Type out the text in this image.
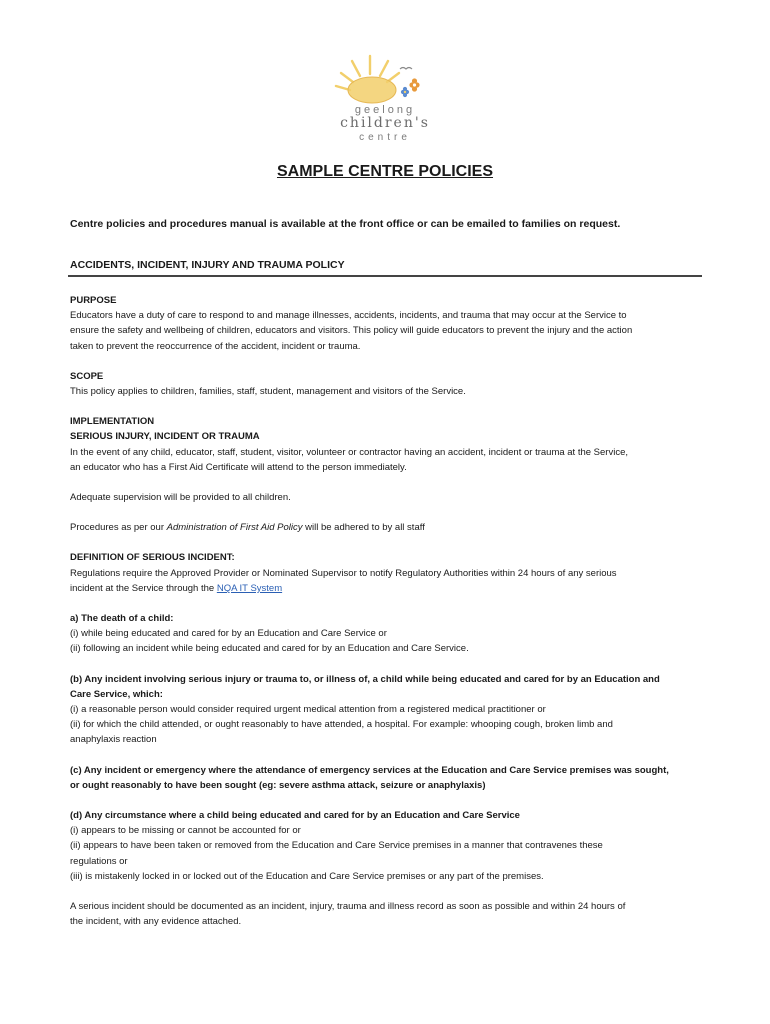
geelong
children's
centre
SAMPLE CENTRE POLICIES
Centre policies and procedures manual is available at the front office or can be emailed to families on request.
ACCIDENTS, INCIDENT, INJURY AND TRAUMA POLICY

PURPOSE

Educators have a duty of care to respond to and manage illnesses, accidents, incidents, and trauma that may occur at the Service to

ensure the safety and wellbeing of children, educators and visitors. This policy will guide educators to prevent the injury and the action

taken to prevent the reoccurrence of the accident, incident or trauma.

SCOPE

This policy applies to children, families, staff, student, management and visitors of the Service.

IMPLEMENTATION

SERIOUS INJURY, INCIDENT OR TRAUMA

In the event of any child, educator, staff, student, visitor, volunteer or contractor having an accident, incident or trauma at the Service,

an educator who has a First Aid Certificate will attend to the person immediately.

Adequate supervision will be provided to all children.

Procedures as per our Administration of First Aid Policy will be adhered to by all staff

DEFINITION OF SERIOUS INCIDENT:

Regulations require the Approved Provider or Nominated Supervisor to notify Regulatory Authorities within 24 hours of any serious

incident at the Service through the NQA IT System

a) The death of a child:

(i) while being educated and cared for by an Education and Care Service or

(ii) following an incident while being educated and cared for by an Education and Care Service.

(b) Any incident involving serious injury or trauma to, or illness of, a child while being educated and cared for by an Education and

Care Service, which:

(i) a reasonable person would consider required urgent medical attention from a registered medical practitioner or

(ii) for which the child attended, or ought reasonably to have attended, a hospital. For example: whooping cough, broken limb and

anaphylaxis reaction

(c) Any incident or emergency where the attendance of emergency services at the Education and Care Service premises was sought,

or ought reasonably to have been sought (eg: severe asthma attack, seizure or anaphylaxis)

(d) Any circumstance where a child being educated and cared for by an Education and Care Service

(i) appears to be missing or cannot be accounted for or

(ii) appears to have been taken or removed from the Education and Care Service premises in a manner that contravenes these

regulations or

(iii) is mistakenly locked in or locked out of the Education and Care Service premises or any part of the premises.

A serious incident should be documented as an incident, injury, trauma and illness record as soon as possible and within 24 hours of

the incident, with any evidence attached.
